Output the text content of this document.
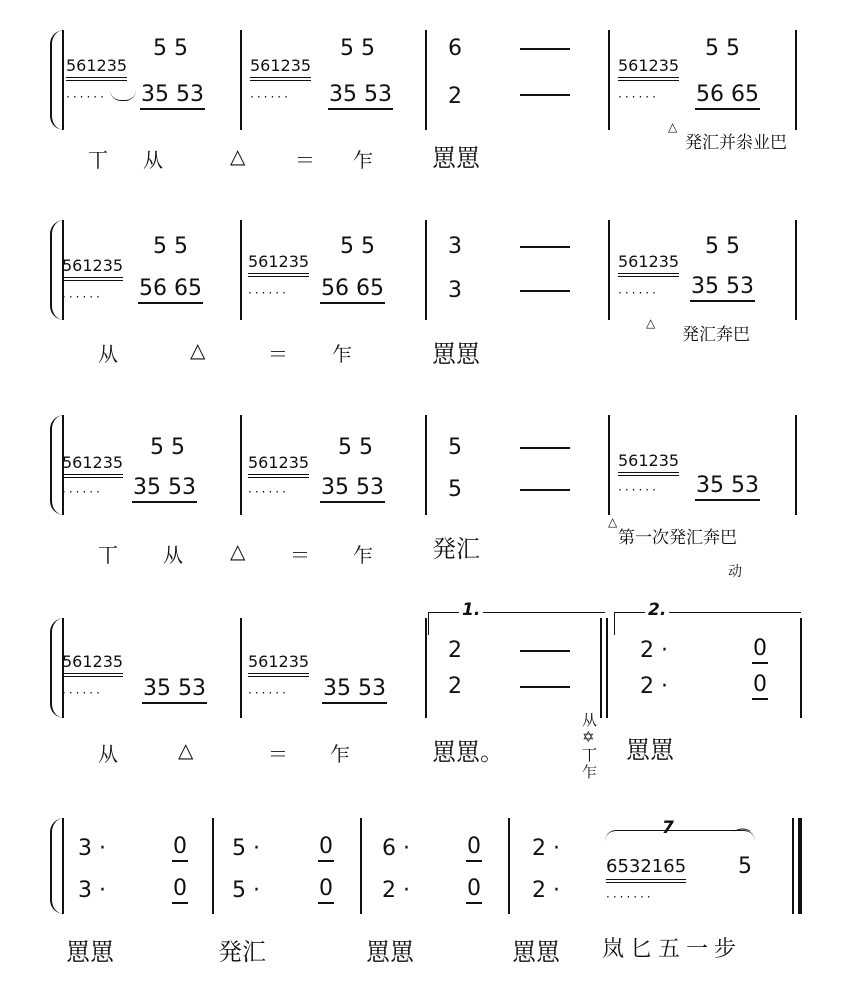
561235
······
5 5
35 53
561235
······
5 5
35 53
6
2
561235
······
5 5
56 65
丅 从	△ ＝ 乍 罳罳
△
発汇并尜业巴
561235
······
5 5
56 65
561235
······
5 5
56 65
3
3
561235
······
5 5
35 53
从	△	＝ 乍	罳罳
△
発汇奔巴
561235
······
5 5
35 53
561235
······
5 5
35 53
5
5
561235
······ 35 53
丅 从 △ ＝ 乍 発汇
△
第一次発汇奔巴
动
561235
······ 35 53
561235
······ 35 53
1.
2
2
2.
2 ·	0
2 ·	0
从	△	＝ 乍	罳罳。
从✡丅乍
罳罳
3 ·	0
3 ·	0
5 ·	0
5 ·	0
6 ·	0
2 ·	0
2 ·
2 ·
7
6532165
·······
5
⌒
罳罳	発汇	罳罳	罳罳 岚匕五一步
